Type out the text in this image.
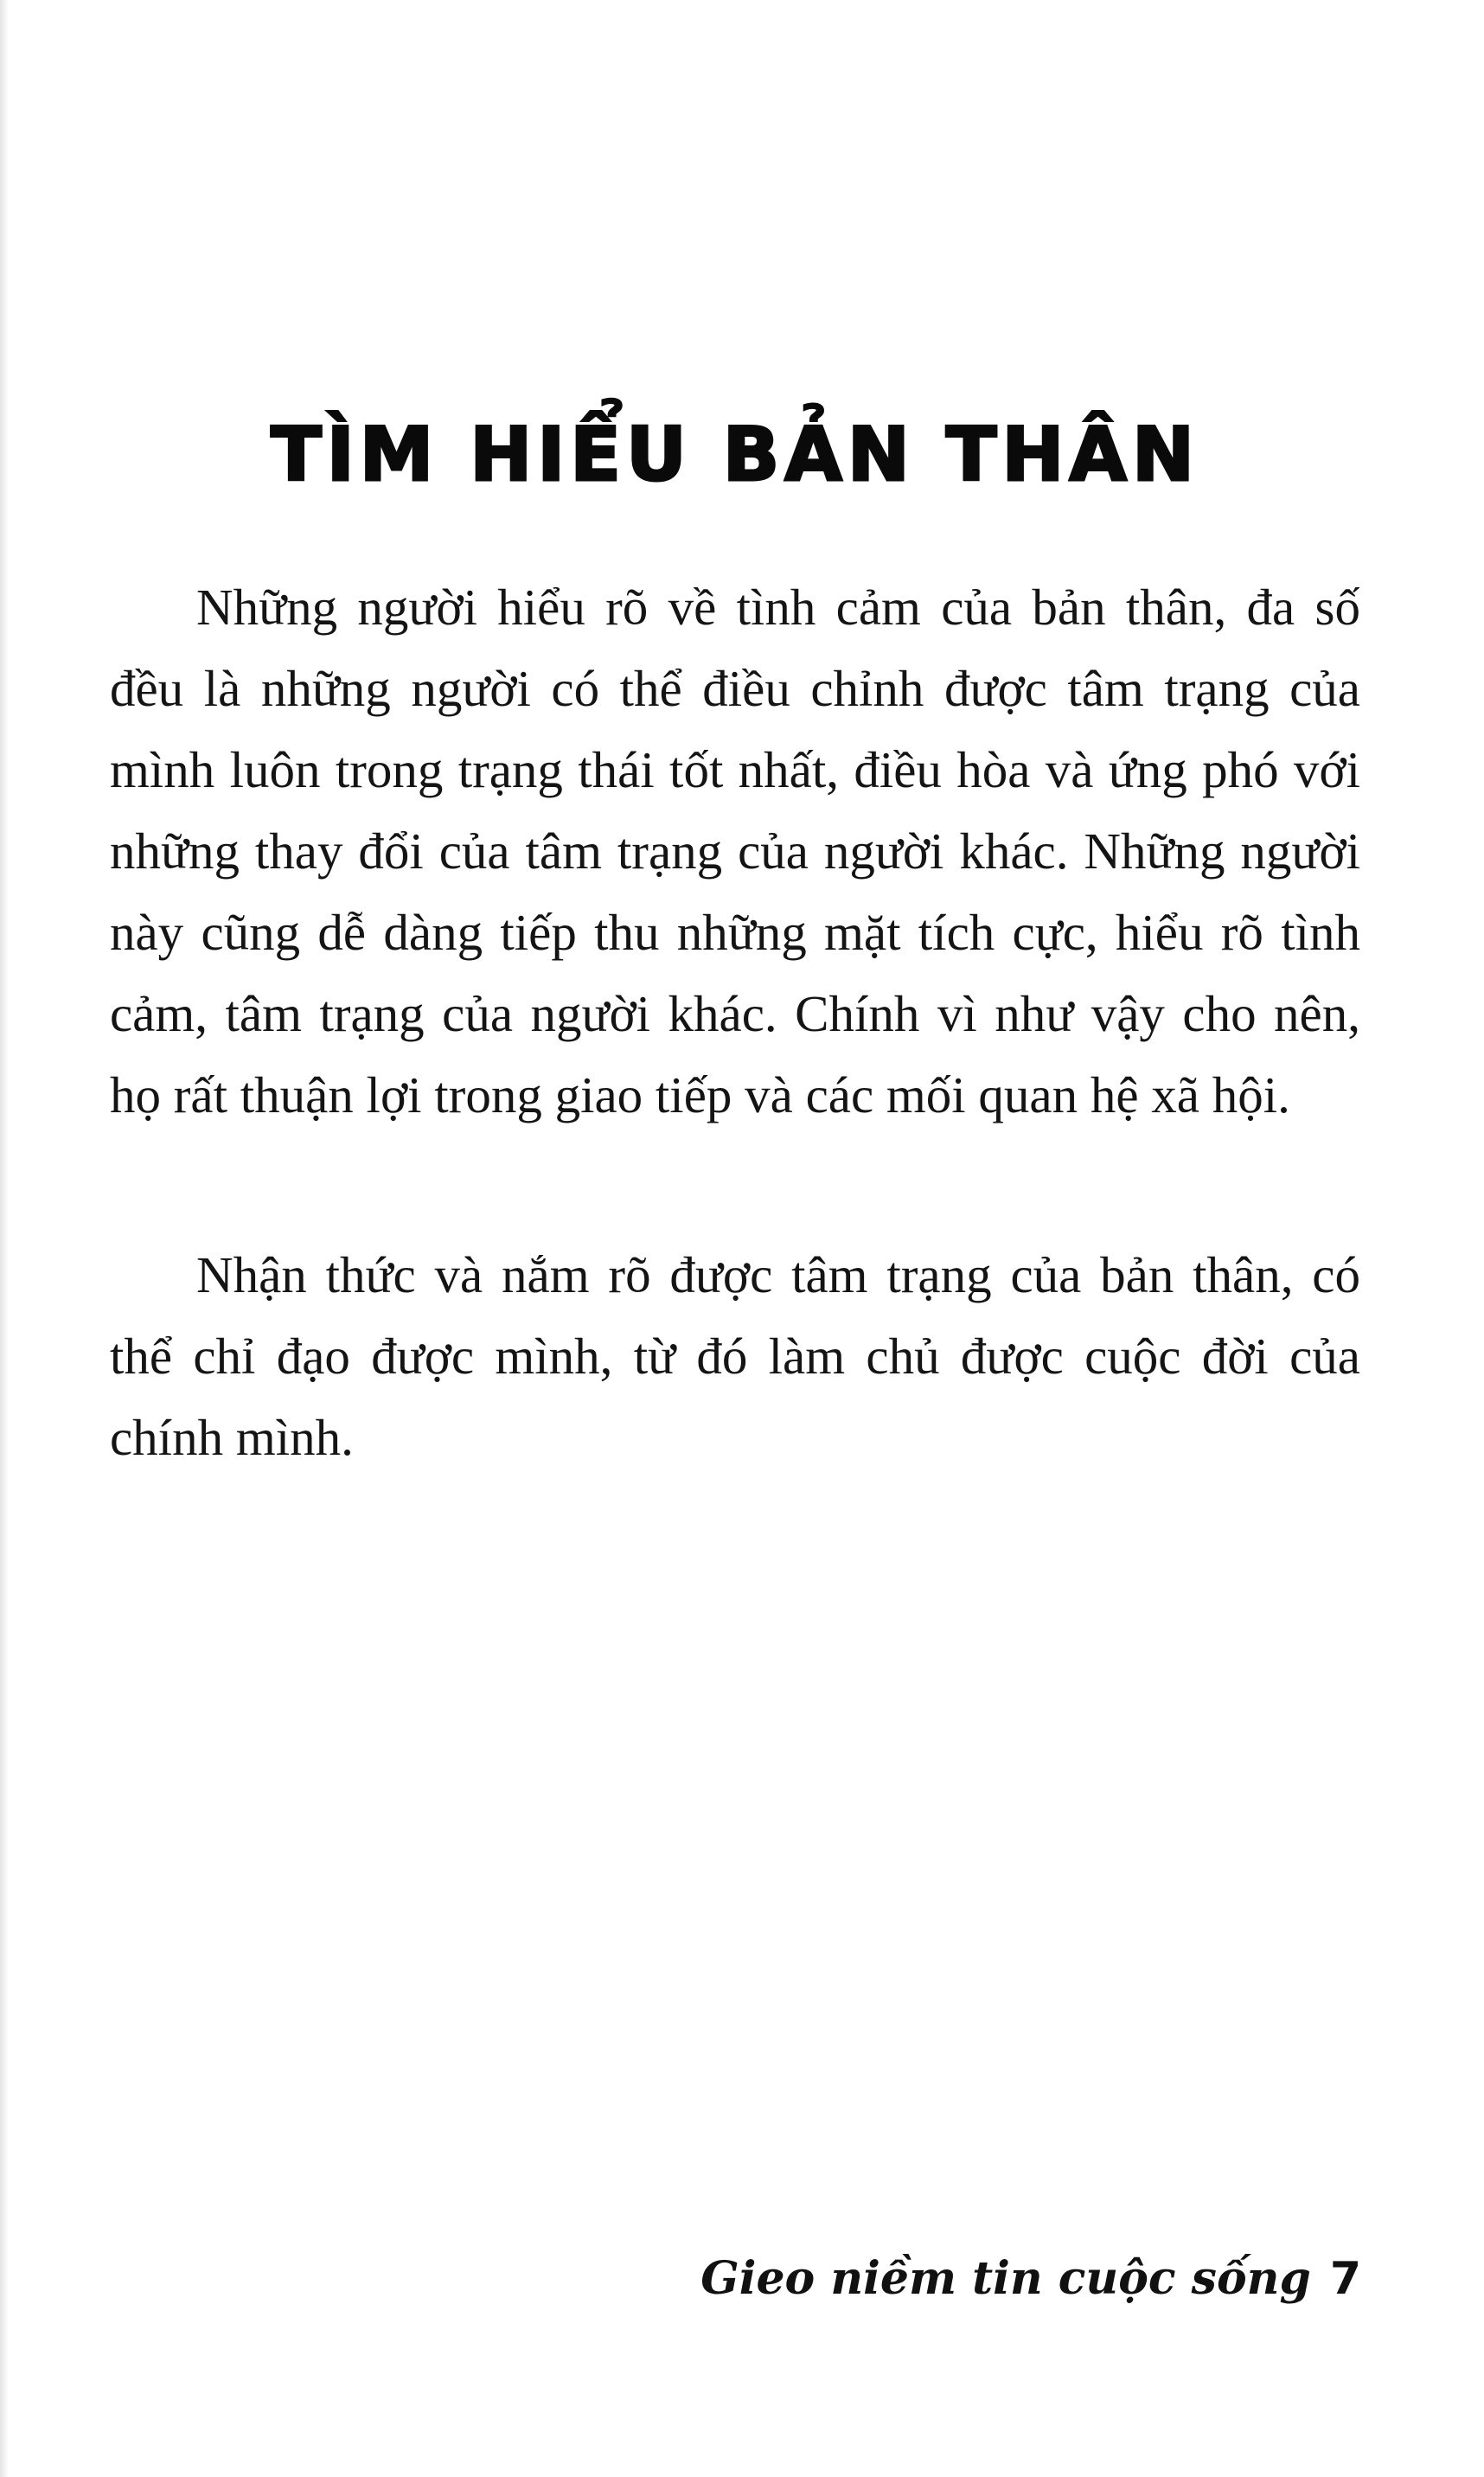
TÌM HIỂU BẢN THÂN

Những người hiểu rõ về tình cảm của bản thân, đa số đều là những người có thể điều chỉnh được tâm trạng của mình luôn trong trạng thái tốt nhất, điều hòa và ứng phó với những thay đổi của tâm trạng của người khác. Những người này cũng dễ dàng tiếp thu những mặt tích cực, hiểu rõ tình cảm, tâm trạng của người khác. Chính vì như vậy cho nên, họ rất thuận lợi trong giao tiếp và các mối quan hệ xã hội.

Nhận thức và nắm rõ được tâm trạng của bản thân, có thể chỉ đạo được mình, từ đó làm chủ được cuộc đời của chính mình.

Gieo niềm tin cuộc sống 7
